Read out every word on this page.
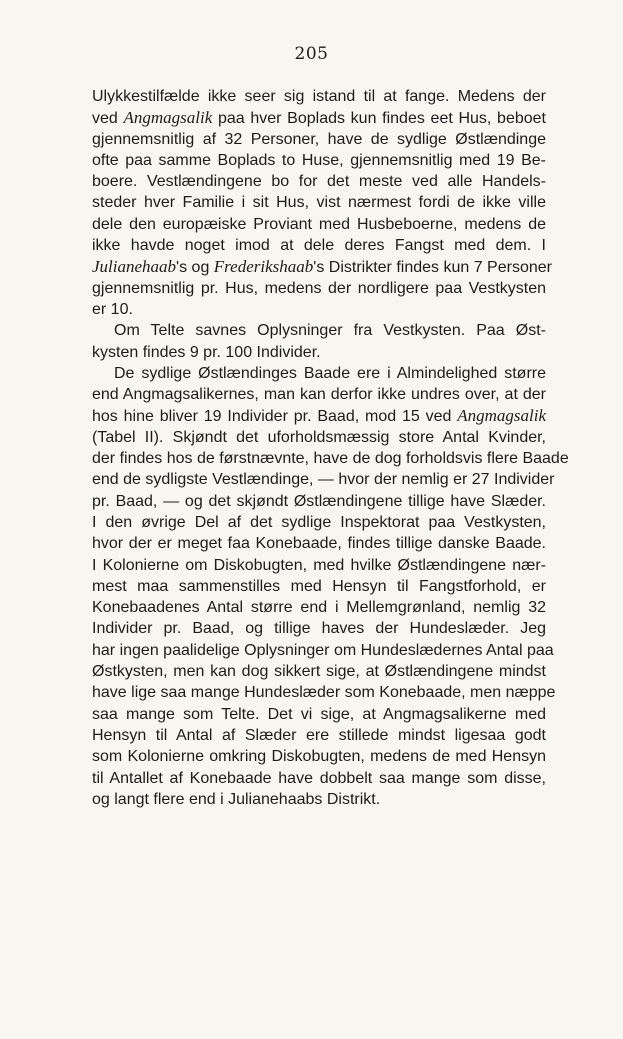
205
Ulykkestilfælde ikke seer sig istand til at fange. Medens der
ved Angmagsalik paa hver Boplads kun findes eet Hus, beboet
gjennemsnitlig af 32 Personer, have de sydlige Østlændinge
ofte paa samme Boplads to Huse, gjennemsnitlig med 19 Be-
boere. Vestlændingene bo for det meste ved alle Handels-
steder hver Familie i sit Hus, vist nærmest fordi de ikke ville
dele den europæiske Proviant med Husbeboerne, medens de
ikke havde noget imod at dele deres Fangst med dem. I
Julianehaab's og Frederikshaab's Distrikter findes kun 7 Personer
gjennemsnitlig pr. Hus, medens der nordligere paa Vestkysten
er 10.
Om Telte savnes Oplysninger fra Vestkysten. Paa Øst-
kysten findes 9 pr. 100 Individer.
De sydlige Østlændinges Baade ere i Almindelighed større
end Angmagsalikernes, man kan derfor ikke undres over, at der
hos hine bliver 19 Individer pr. Baad, mod 15 ved Angmagsalik
(Tabel II). Skjøndt det uforholdsmæssig store Antal Kvinder,
der findes hos de førstnævnte, have de dog forholdsvis flere Baade
end de sydligste Vestlændinge, — hvor der nemlig er 27 Individer
pr. Baad, — og det skjøndt Østlændingene tillige have Slæder.
I den øvrige Del af det sydlige Inspektorat paa Vestkysten,
hvor der er meget faa Konebaade, findes tillige danske Baade.
I Kolonierne om Diskobugten, med hvilke Østlændingene nær-
mest maa sammenstilles med Hensyn til Fangstforhold, er
Konebaadenes Antal større end i Mellemgrønland, nemlig 32
Individer pr. Baad, og tillige haves der Hundeslæder. Jeg
har ingen paalidelige Oplysninger om Hundeslædernes Antal paa
Østkysten, men kan dog sikkert sige, at Østlændingene mindst
have lige saa mange Hundeslæder som Konebaade, men næppe
saa mange som Telte. Det vi sige, at Angmagsalikerne med
Hensyn til Antal af Slæder ere stillede mindst ligesaa godt
som Kolonierne omkring Diskobugten, medens de med Hensyn
til Antallet af Konebaade have dobbelt saa mange som disse,
og langt flere end i Julianehaabs Distrikt.
